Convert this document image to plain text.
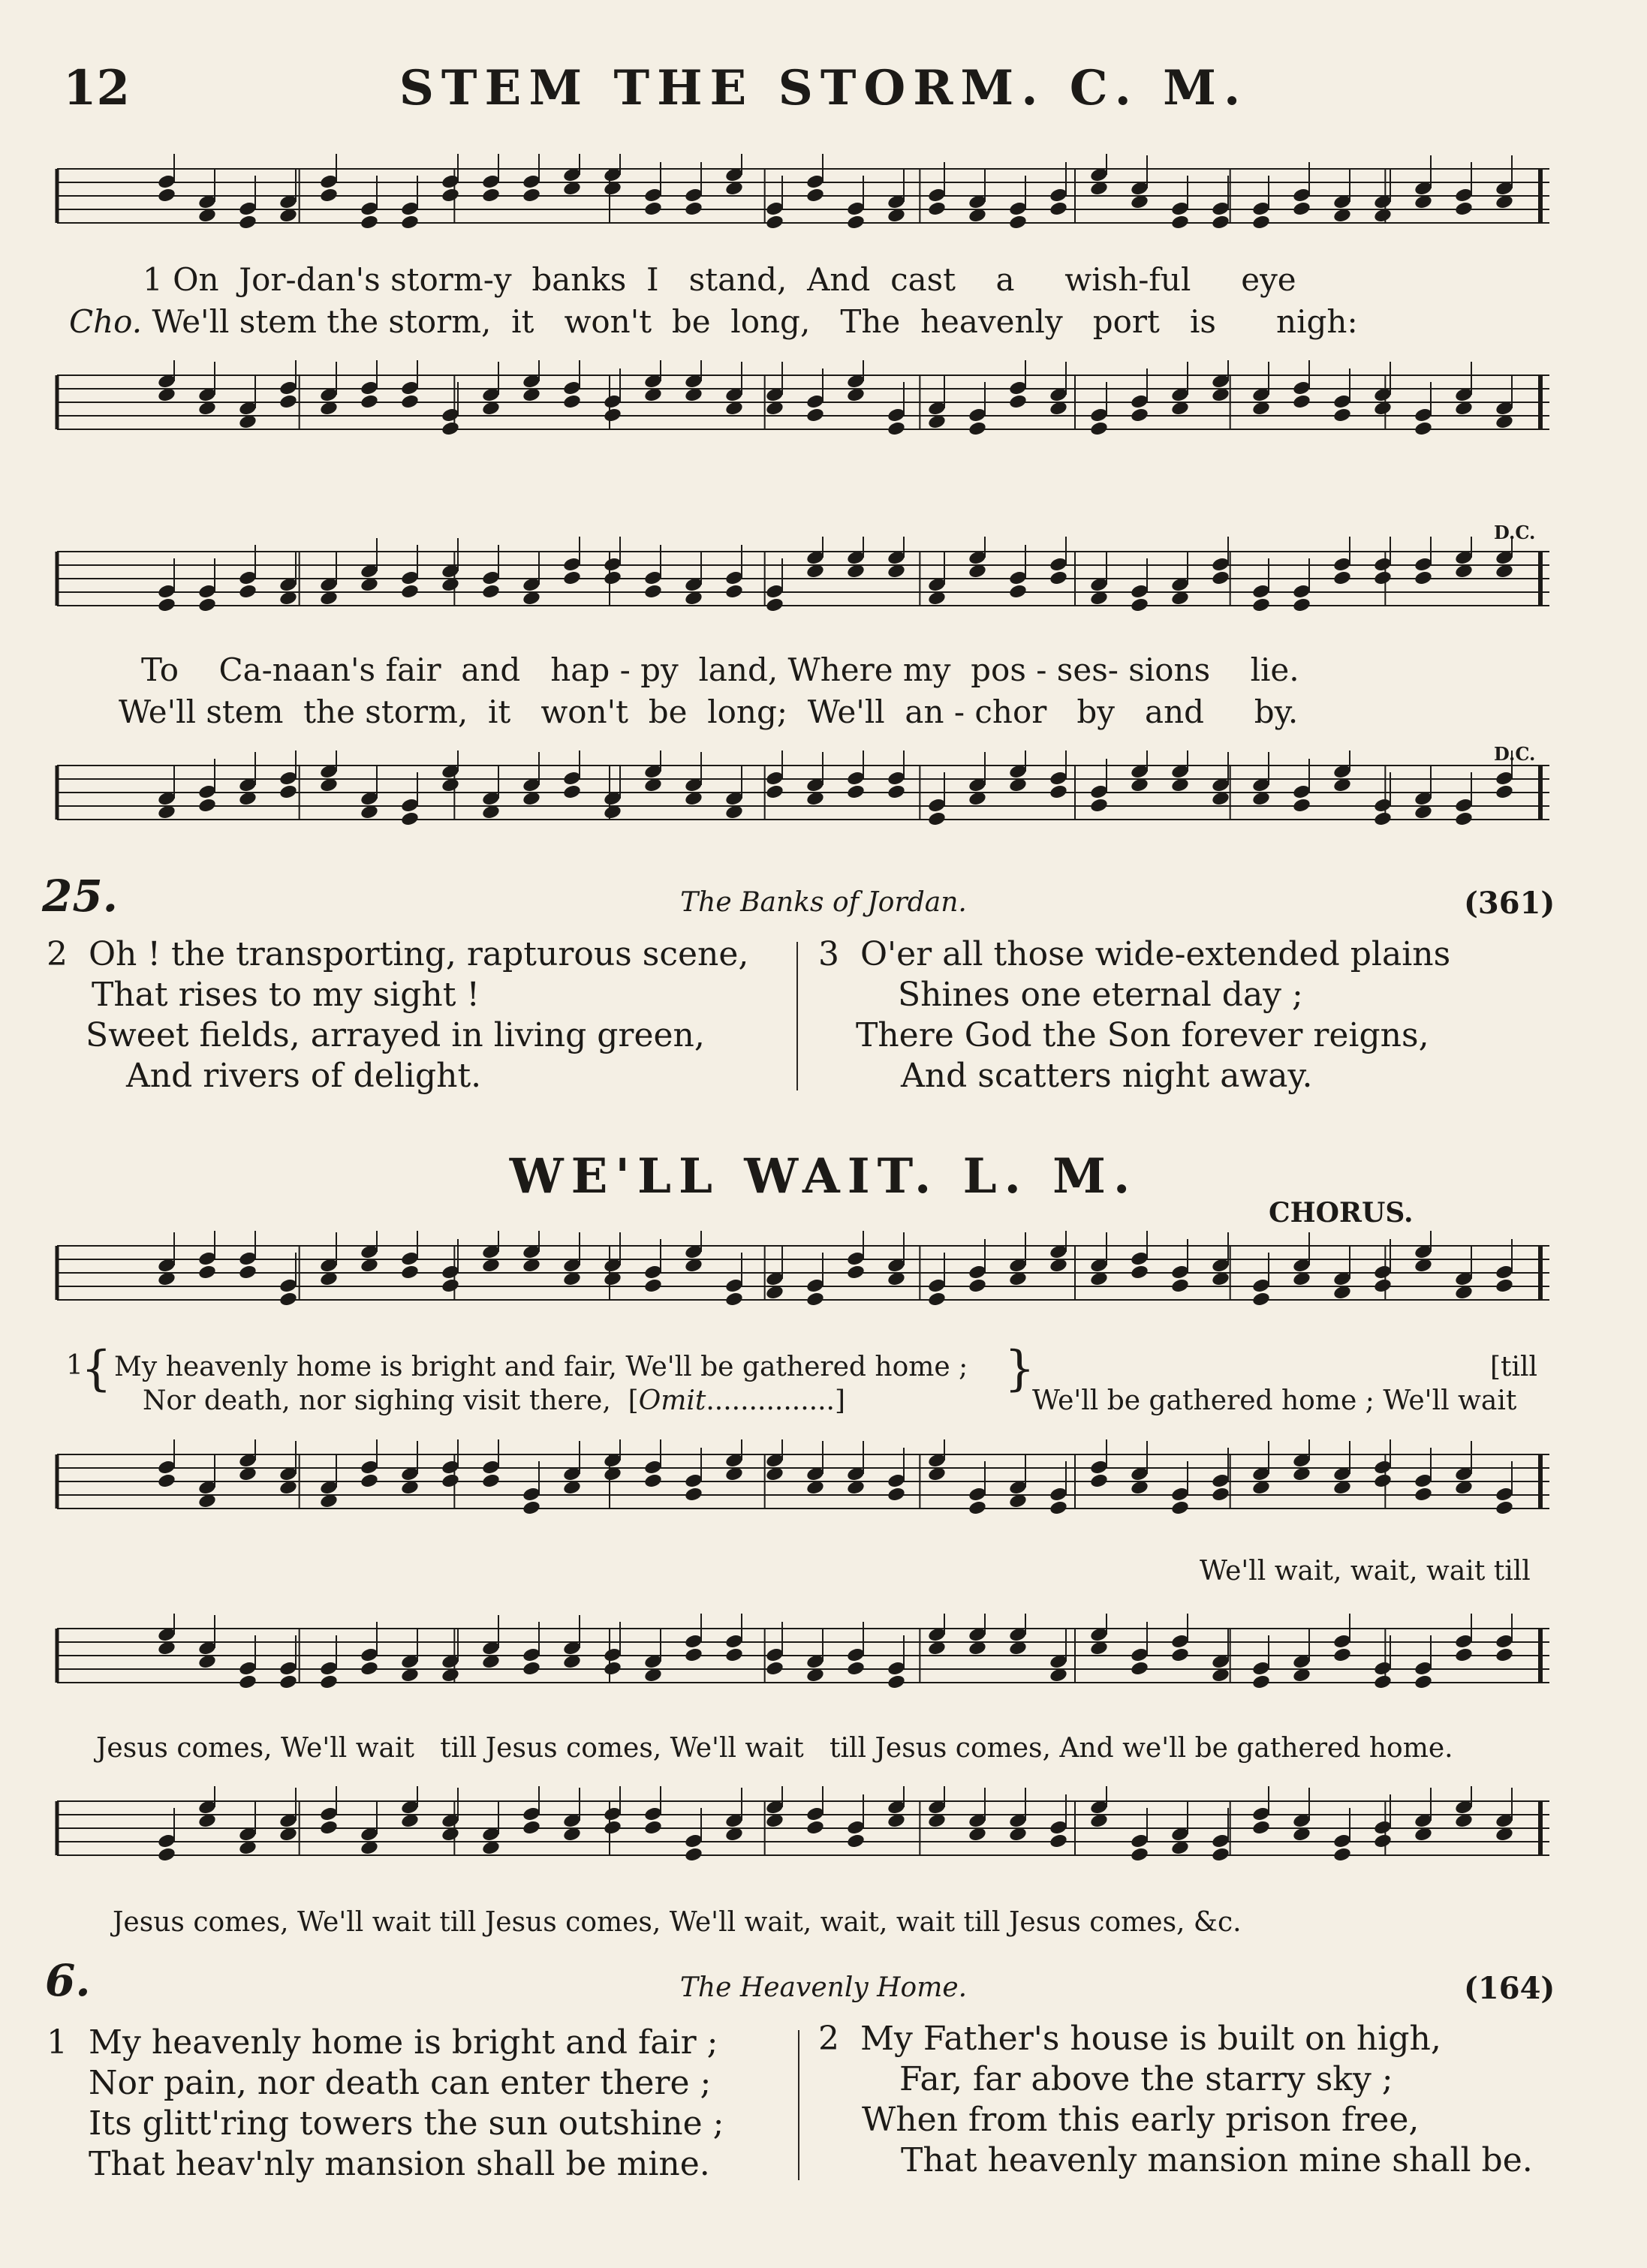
12	STEM THE STORM. C. M.
1 On  Jor-dan's storm-y  banks  I   stand,  And  cast    a     wish-ful     eye
Cho. We'll stem the storm,  it   won't  be  long,   The  heavenly   port   is      nigh:
D.C.
To    Ca-naan's fair  and   hap - py  land, Where my  pos - ses- sions    lie.
We'll stem  the storm,  it   won't  be  long;  We'll  an - chor   by   and     by.
D.C.
25.	The Banks of Jordan.	(361)
2  Oh ! the transporting, rapturous scene,
That rises to my sight !
Sweet fields, arrayed in living green,
And rivers of delight.
3  O'er all those wide-extended plains
Shines one eternal day ;
There God the Son forever reigns,
And scatters night away.
WE'LL WAIT. L. M.
CHORUS.
1
{ My heavenly home is bright and fair, We'll be gathered home ;
Nor death, nor sighing visit there,  [Omit...............]
}	[till
We'll be gathered home ; We'll wait
We'll wait, wait, wait till
Jesus comes, We'll wait   till Jesus comes, We'll wait   till Jesus comes, And we'll be gathered home.
Jesus comes, We'll wait till Jesus comes, We'll wait, wait, wait till Jesus comes, &c.
6.	The Heavenly Home.	(164)
1  My heavenly home is bright and fair ;
Nor pain, nor death can enter there ;
Its glitt'ring towers the sun outshine ;
That heav'nly mansion shall be mine.
2  My Father's house is built on high,
Far, far above the starry sky ;
When from this early prison free,
That heavenly mansion mine shall be.
